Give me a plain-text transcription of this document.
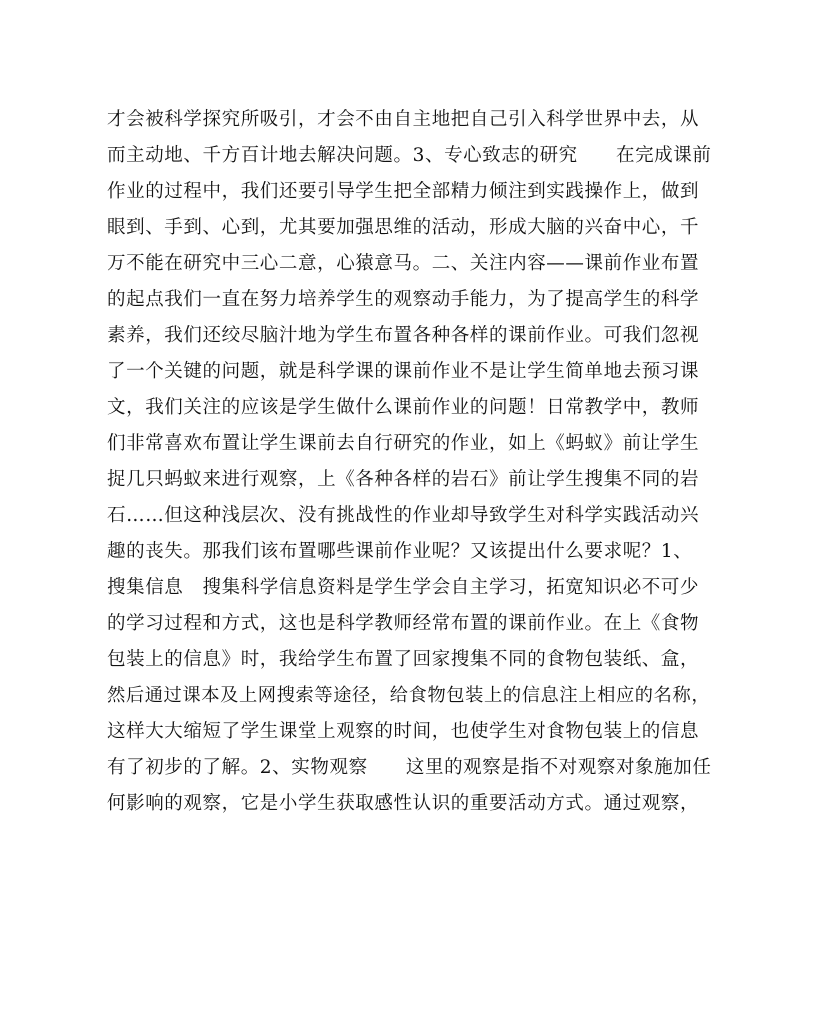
才会被科学探究所吸引，才会不由自主地把自己引入科学世界中去，从
而主动地、千方百计地去解决问题。3、专心致志的研究　　在完成课前
作业的过程中，我们还要引导学生把全部精力倾注到实践操作上，做到
眼到、手到、心到，尤其要加强思维的活动，形成大脑的兴奋中心，千
万不能在研究中三心二意，心猿意马。二、关注内容——课前作业布置
的起点我们一直在努力培养学生的观察动手能力，为了提高学生的科学
素养，我们还绞尽脑汁地为学生布置各种各样的课前作业。可我们忽视
了一个关键的问题，就是科学课的课前作业不是让学生简单地去预习课
文，我们关注的应该是学生做什么课前作业的问题！日常教学中，教师
们非常喜欢布置让学生课前去自行研究的作业，如上《蚂蚁》前让学生
捉几只蚂蚁来进行观察，上《各种各样的岩石》前让学生搜集不同的岩
石……但这种浅层次、没有挑战性的作业却导致学生对科学实践活动兴
趣的丧失。那我们该布置哪些课前作业呢？又该提出什么要求呢？1、
搜集信息　搜集科学信息资料是学生学会自主学习，拓宽知识必不可少
的学习过程和方式，这也是科学教师经常布置的课前作业。在上《食物
包装上的信息》时，我给学生布置了回家搜集不同的食物包装纸、盒，
然后通过课本及上网搜索等途径，给食物包装上的信息注上相应的名称，
这样大大缩短了学生课堂上观察的时间，也使学生对食物包装上的信息
有了初步的了解。2、实物观察　　这里的观察是指不对观察对象施加任
何影响的观察，它是小学生获取感性认识的重要活动方式。通过观察，
